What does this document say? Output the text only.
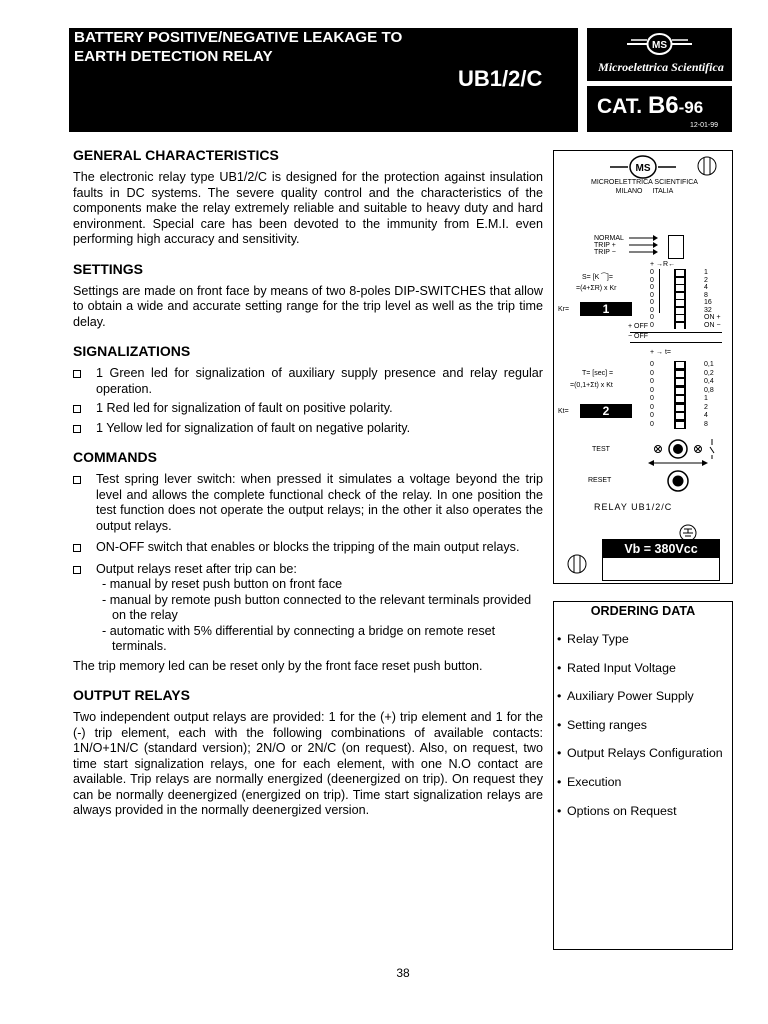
BATTERY POSITIVE/NEGATIVE LEAKAGE TO EARTH DETECTION RELAY
UB1/2/C
MS
Microelettrica Scientifica
CAT. B6-96
12-01-99
GENERAL CHARACTERISTICS

The electronic relay type UB1/2/C is designed for the protection against insulation faults in DC systems. The severe quality control and the characteristics of the components make the relay extremely reliable and suitable to heavy duty and hard environment. Special care has been devoted to the immunity from E.M.I. even performing high accuracy and sensitivity.

SETTINGS

Settings are made on front face by means of two 8-poles DIP-SWITCHES that allow to obtain a wide and accurate setting range for the trip level as well as the trip time delay.

SIGNALIZATIONS
1 Green led for signalization of auxiliary supply presence and relay regular operation.
1 Red led for signalization of fault on positive polarity.
1 Yellow led for signalization of fault on negative polarity.
COMMANDS
Test spring lever switch: when pressed it simulates a voltage beyond the trip level and allows the complete functional check of the relay. In one position the test function does not operate the output relays; in the other it also operates the output relays.
ON-OFF switch that enables or blocks the tripping of the main output relays.
Output relays reset after trip can be:
- manual by reset push button on front face
- manual by remote push button connected to the relevant terminals provided on the relay
- automatic with 5% differential by connecting a bridge on remote reset terminals.

The trip memory led can be reset only by the front face reset push button.

OUTPUT RELAYS

Two independent output relays are provided: 1 for the (+) trip element and 1 for the (-) trip element, each with the following combinations of available contacts: 1N/O+1N/C (standard version); 2N/O or 2N/C (on request). Also, on request, two time start signalization relays, one for each element, with one N.O contact are available. Trip relays are normally energized (deenergized on trip). On request they can be normally deenergized (energized on trip). Time start signalization relays are always provided in the normally deenergized version.

MS
MICROELETTRICA SCIENTIFICA
MILANO ITALIA
NORMAL
TRIP +
TRIP −
+ →R←
S= [K ⁀]=
=(4+ΣR) x Kr
Kr=	1
+ OFF
− OFF
+ → t=
T= [sec] =
=(0,1+Σt) x Kt
Kt=	2
TEST
RESET
RELAY UB1/2/C
Vb = 380Vcc
0	1
0	2
0	4
0	8
0	16
0	32
0	ON +
0	ON −
0	0,1
0	0,2
0	0,4
0	0,8
0	1
0	2
0	4
0	8
ORDERING DATA
• Relay Type
• Rated Input Voltage
• Auxiliary Power Supply
• Setting ranges
• Output Relays Configuration
• Execution
• Options on Request
38
